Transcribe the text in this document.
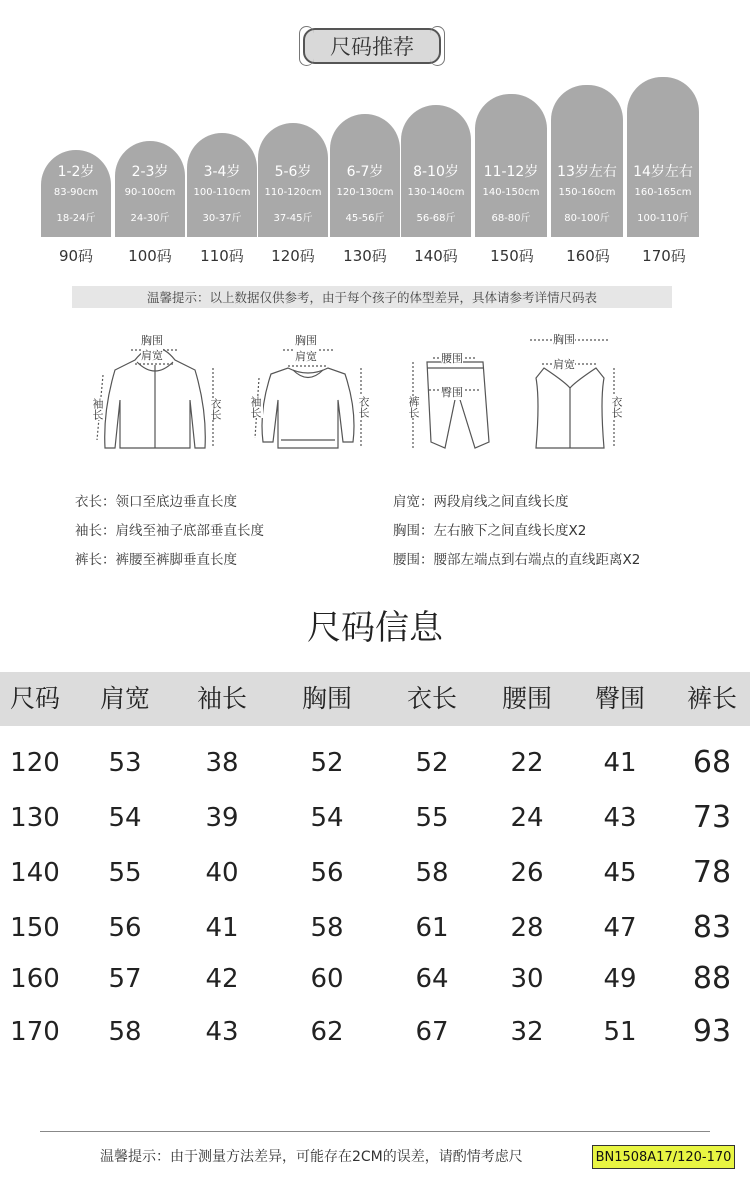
尺码推荐
1-2岁
83-90cm
18-24斤
90码
2-3岁
90-100cm
24-30斤
100码
3-4岁
100-110cm
30-37斤
110码
5-6岁
110-120cm
37-45斤
120码
6-7岁
120-130cm
45-56斤
130码
8-10岁
130-140cm
56-68斤
140码
11-12岁
140-150cm
68-80斤
150码
13岁左右
150-160cm
80-100斤
160码
14岁左右
160-165cm
100-110斤
170码
温馨提示：以上数据仅供参考，由于每个孩子的体型差异，具体请参考详情尺码表
胸围
肩宽
袖长	衣长
胸围
肩宽
袖长	衣长
腰围
臀围
裤长
胸围
肩宽
衣长
衣长：领口至底边垂直长度
袖长：肩线至袖子底部垂直长度
裤长：裤腰至裤脚垂直长度
肩宽：两段肩线之间直线长度
胸围：左右腋下之间直线长度X2
腰围：腰部左端点到右端点的直线距离X2
尺码信息
尺码 肩宽 袖长 胸围 衣长 腰围 臀围 裤长
120 53 38	52	52 22 41 68
130 54 39	54	55 24 43 73
140 55 40	56	58 26 45 78
150 56 41	58	61 28 47 83
160 57 42	60	64 30 49 88
170 58 43	62	67 32 51 93
温馨提示：由于测量方法差异，可能存在2CM的误差，请酌情考虑尺	BN1508A17/120-170
